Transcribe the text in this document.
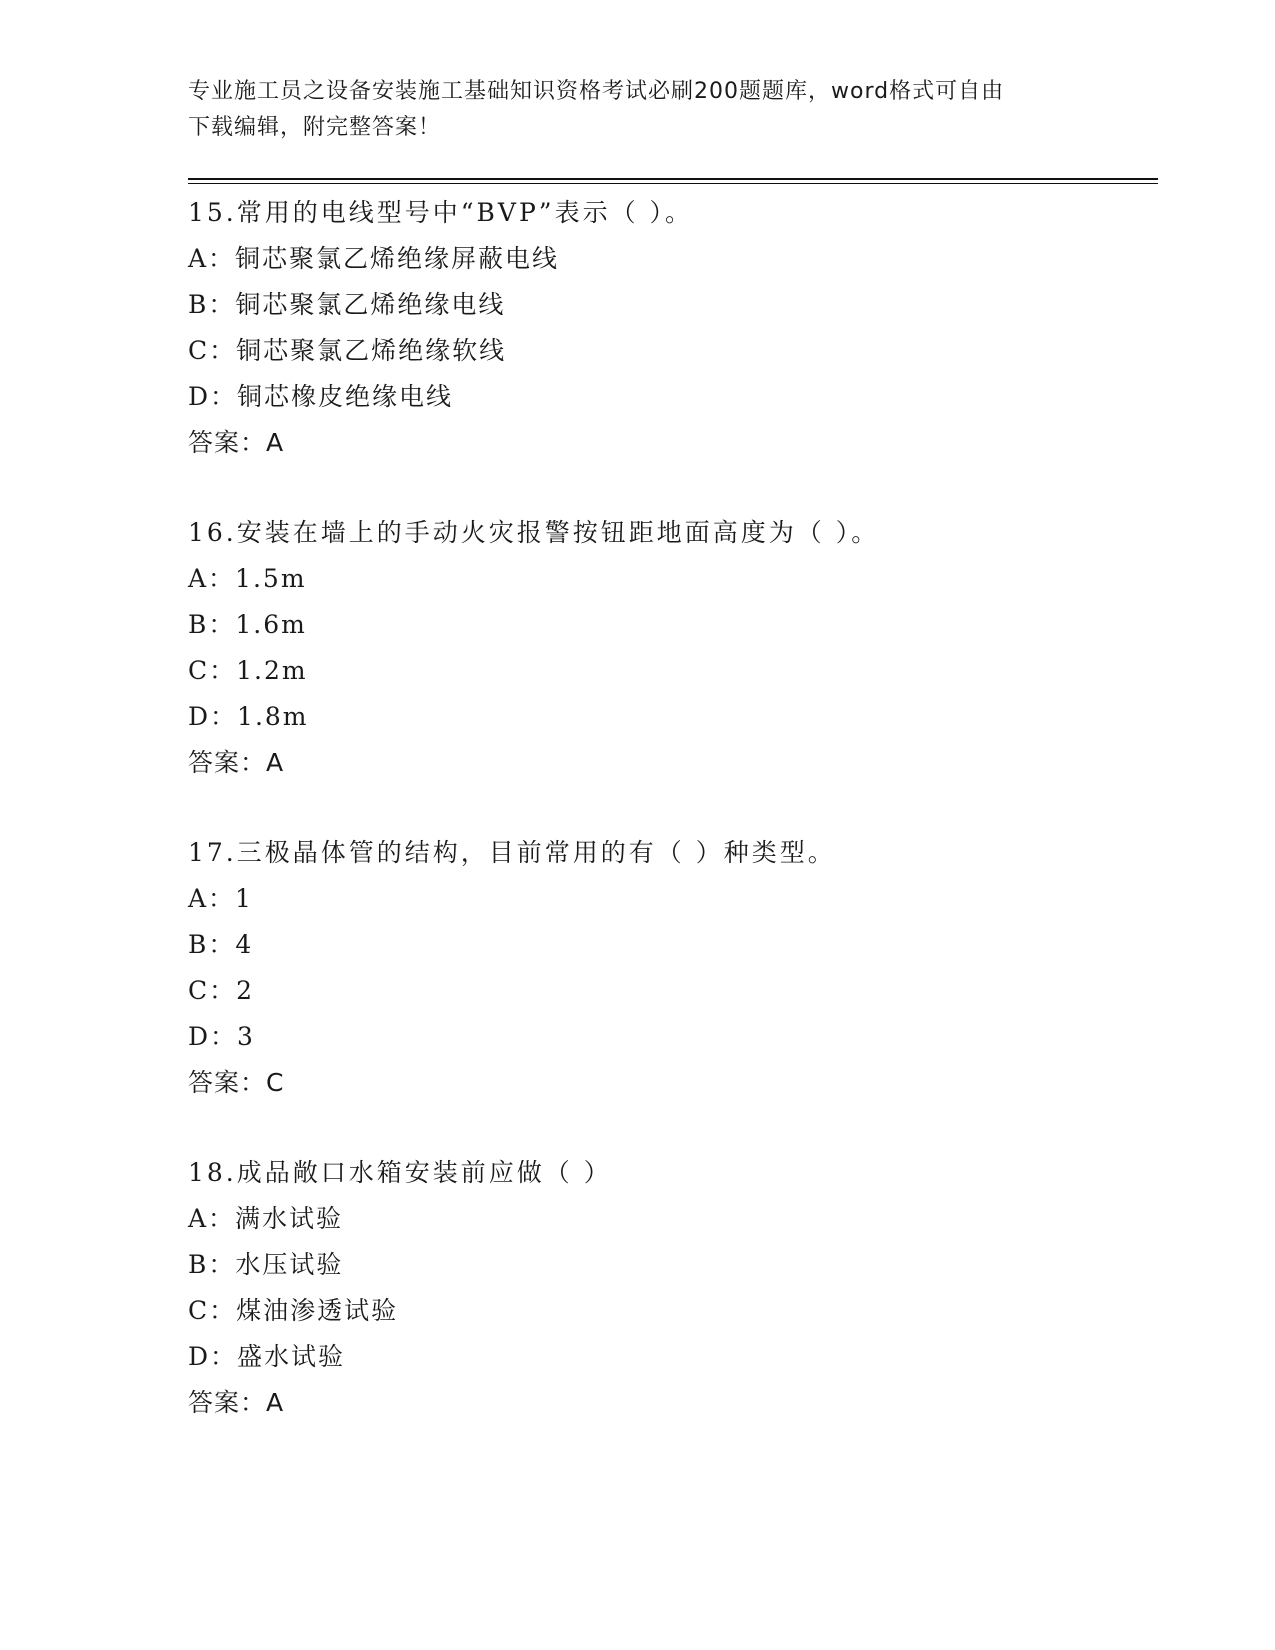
专业施工员之设备安装施工基础知识资格考试必刷200题题库，word格式可自由
下载编辑，附完整答案！
15.常用的电线型号中“BVP”表示（ ）。
A：铜芯聚氯乙烯绝缘屏蔽电线
B：铜芯聚氯乙烯绝缘电线
C：铜芯聚氯乙烯绝缘软线
D：铜芯橡皮绝缘电线
答案：A
16.安装在墙上的手动火灾报警按钮距地面高度为（ ）。
A：1.5m
B：1.6m
C：1.2m
D：1.8m
答案：A
17.三极晶体管的结构，目前常用的有（ ）种类型。
A：1
B：4
C：2
D：3
答案：C
18.成品敞口水箱安装前应做（ ）
A：满水试验
B：水压试验
C：煤油渗透试验
D：盛水试验
答案：A
